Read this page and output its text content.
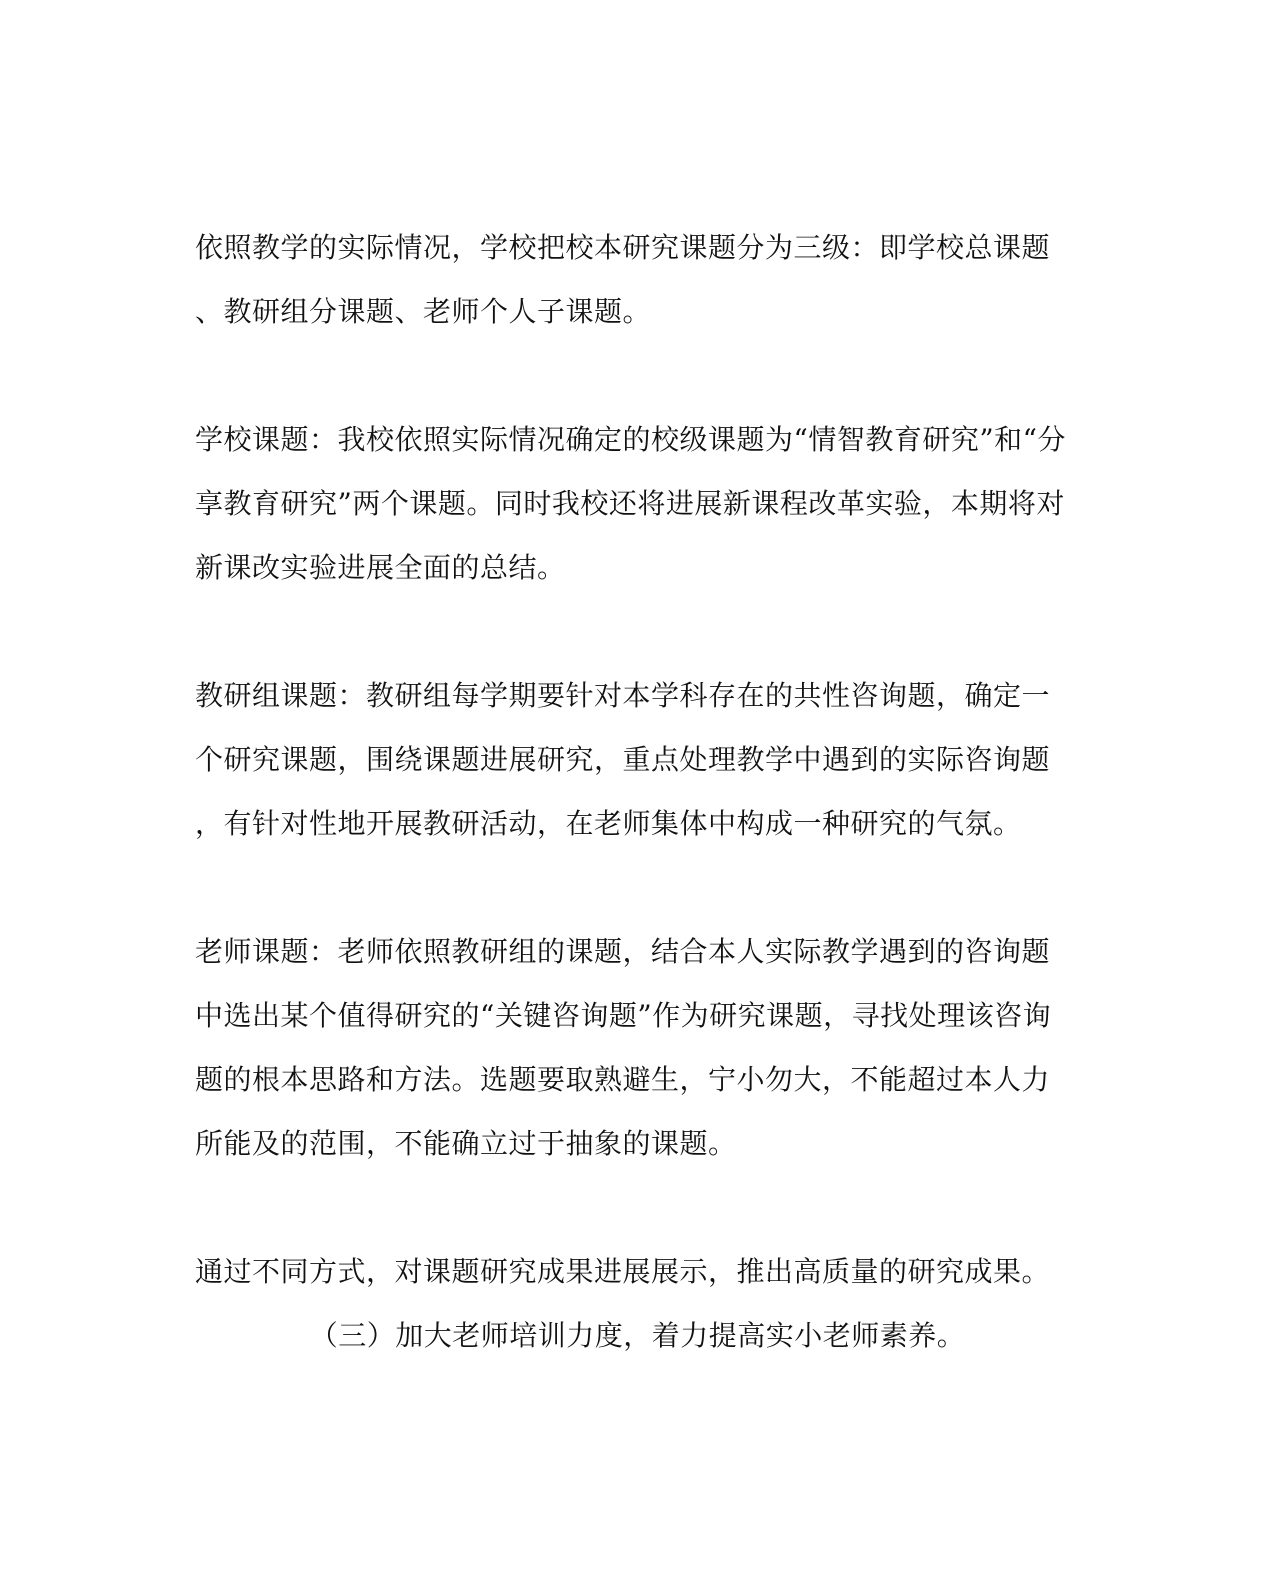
依照教学的实际情况，学校把校本研究课题分为三级：即学校总课题
、教研组分课题、老师个人子课题。
学校课题：我校依照实际情况确定的校级课题为“情智教育研究”和“分
享教育研究”两个课题。同时我校还将进展新课程改革实验，本期将对
新课改实验进展全面的总结。
教研组课题：教研组每学期要针对本学科存在的共性咨询题，确定一
个研究课题，围绕课题进展研究，重点处理教学中遇到的实际咨询题
，有针对性地开展教研活动，在老师集体中构成一种研究的气氛。
老师课题：老师依照教研组的课题，结合本人实际教学遇到的咨询题
中选出某个值得研究的“关键咨询题”作为研究课题，寻找处理该咨询
题的根本思路和方法。选题要取熟避生，宁小勿大，不能超过本人力
所能及的范围，不能确立过于抽象的课题。
通过不同方式，对课题研究成果进展展示，推出高质量的研究成果。
（三）加大老师培训力度，着力提高实小老师素养。
